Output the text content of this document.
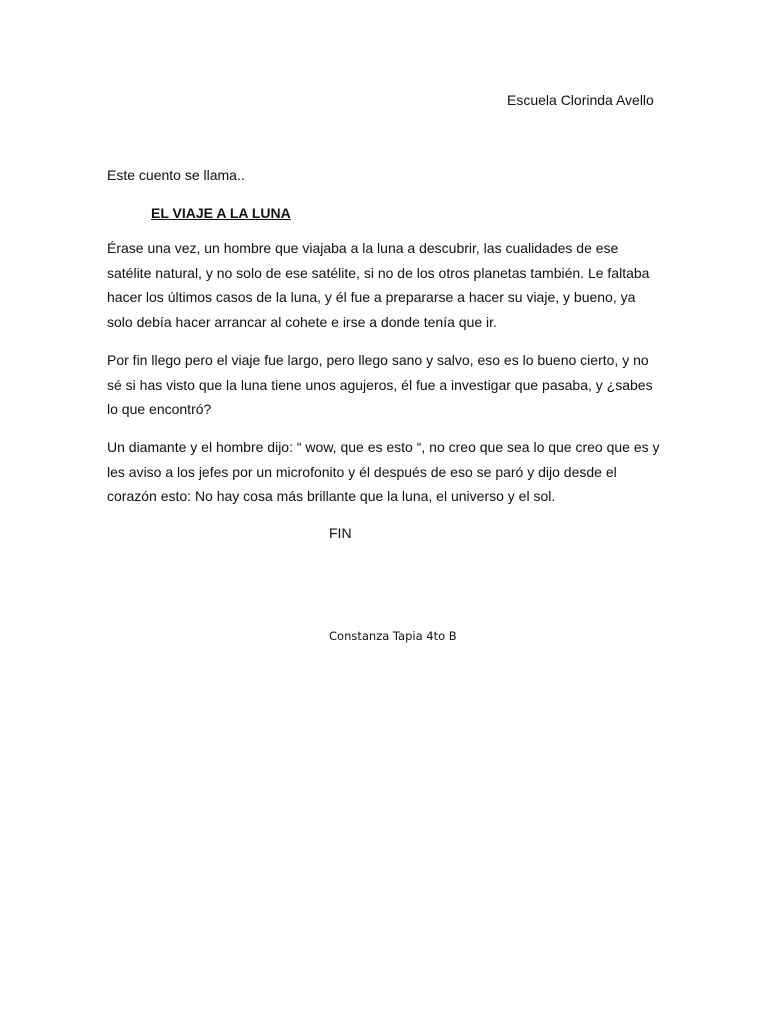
Escuela Clorinda Avello
Este cuento se llama..
EL VIAJE A LA LUNA

Érase una vez, un hombre que viajaba a la luna a descubrir, las cualidades de ese satélite natural, y no solo de ese satélite, si no de los otros planetas también. Le faltaba hacer los últimos casos de la luna, y él fue a prepararse a hacer su viaje, y bueno, ya solo debía hacer arrancar al cohete e irse a donde tenía que ir.

Por fin llego pero el viaje fue largo, pero llego sano y salvo, eso es lo bueno cierto, y no sé si has visto que la luna tiene unos agujeros, él fue a investigar que pasaba, y ¿sabes lo que encontró?

Un diamante y el hombre dijo: “ wow, que es esto “, no creo que sea lo que creo que es y les aviso a los jefes por un microfonito y él después de eso se paró y dijo desde el corazón esto: No hay cosa más brillante que la luna, el universo y el sol.

FIN
Constanza Tapia 4to B
